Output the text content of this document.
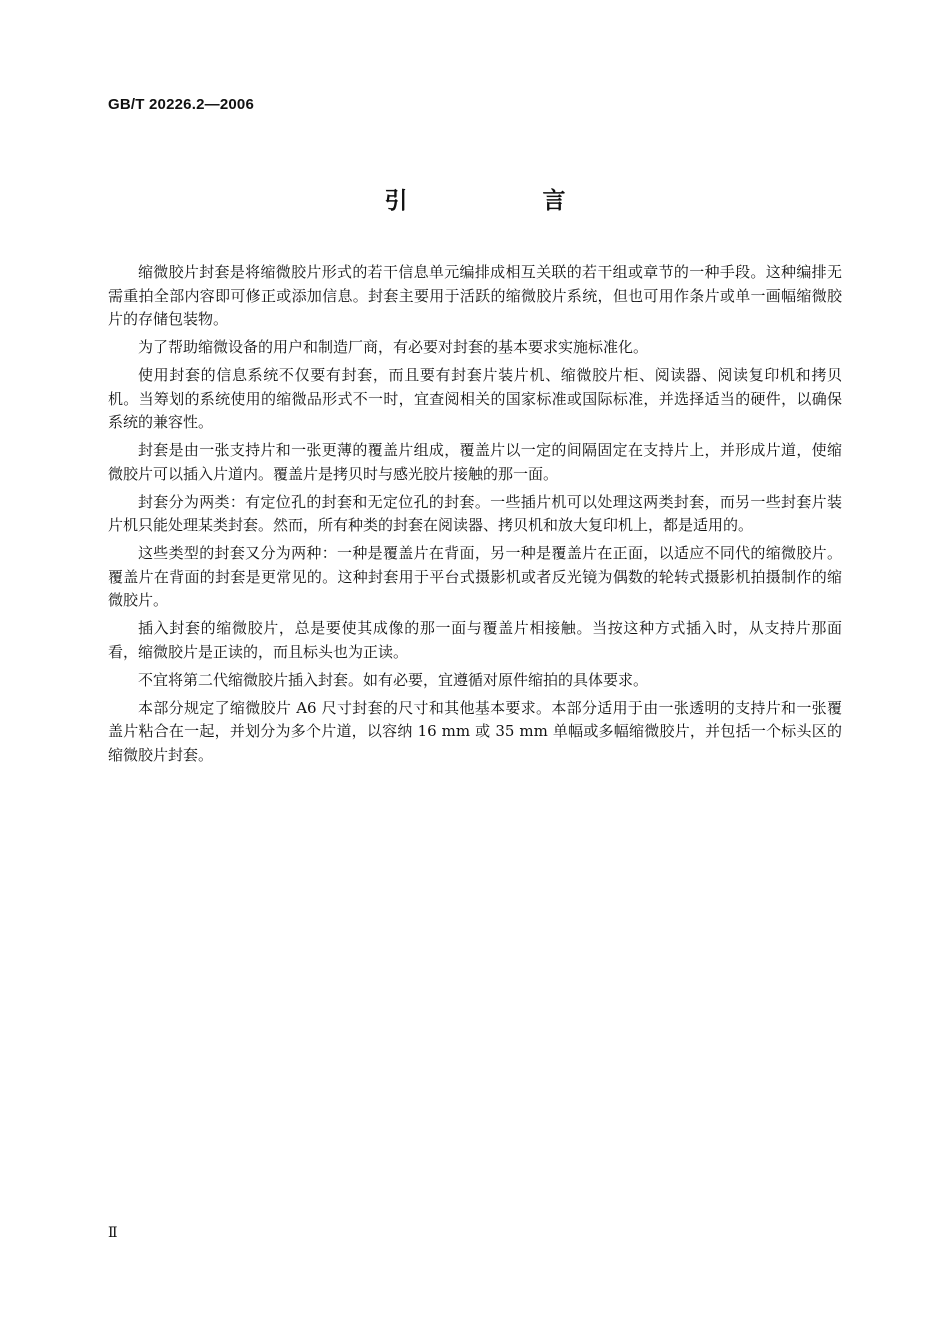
GB/T 20226.2—2006
引　言

缩微胶片封套是将缩微胶片形式的若干信息单元编排成相互关联的若干组或章节的一种手段。这种编排无需重拍全部内容即可修正或添加信息。封套主要用于活跃的缩微胶片系统，但也可用作条片或单一画幅缩微胶片的存储包装物。

为了帮助缩微设备的用户和制造厂商，有必要对封套的基本要求实施标准化。

使用封套的信息系统不仅要有封套，而且要有封套片装片机、缩微胶片柜、阅读器、阅读复印机和拷贝机。当筹划的系统使用的缩微品形式不一时，宜查阅相关的国家标准或国际标准，并选择适当的硬件，以确保系统的兼容性。

封套是由一张支持片和一张更薄的覆盖片组成，覆盖片以一定的间隔固定在支持片上，并形成片道，使缩微胶片可以插入片道内。覆盖片是拷贝时与感光胶片接触的那一面。

封套分为两类：有定位孔的封套和无定位孔的封套。一些插片机可以处理这两类封套，而另一些封套片装片机只能处理某类封套。然而，所有种类的封套在阅读器、拷贝机和放大复印机上，都是适用的。

这些类型的封套又分为两种：一种是覆盖片在背面，另一种是覆盖片在正面，以适应不同代的缩微胶片。覆盖片在背面的封套是更常见的。这种封套用于平台式摄影机或者反光镜为偶数的轮转式摄影机拍摄制作的缩微胶片。

插入封套的缩微胶片，总是要使其成像的那一面与覆盖片相接触。当按这种方式插入时，从支持片那面看，缩微胶片是正读的，而且标头也为正读。

不宜将第二代缩微胶片插入封套。如有必要，宜遵循对原件缩拍的具体要求。

本部分规定了缩微胶片 A6 尺寸封套的尺寸和其他基本要求。本部分适用于由一张透明的支持片和一张覆盖片粘合在一起，并划分为多个片道，以容纳 16 mm 或 35 mm 单幅或多幅缩微胶片，并包括一个标头区的缩微胶片封套。

Ⅱ
